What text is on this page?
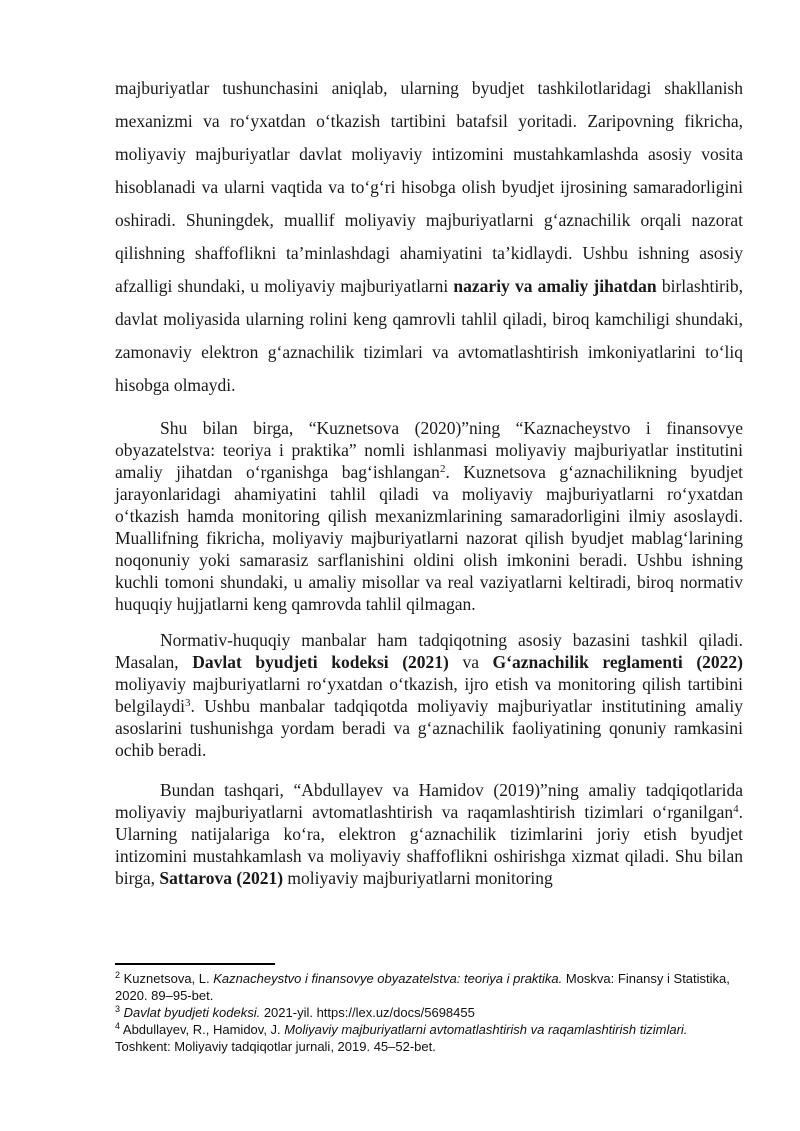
majburiyatlar tushunchasini aniqlab, ularning byudjet tashkilotlaridagi shakllanish mexanizmi va roʻyxatdan oʻtkazish tartibini batafsil yoritadi. Zaripovning fikricha, moliyaviy majburiyatlar davlat moliyaviy intizomini mustahkamlashda asosiy vosita hisoblanadi va ularni vaqtida va toʻgʻri hisobga olish byudjet ijrosining samaradorligini oshiradi. Shuningdek, muallif moliyaviy majburiyatlarni gʻaznachilik orqali nazorat qilishning shaffoflikni ta’minlashdagi ahamiyatini ta’kidlaydi. Ushbu ishning asosiy afzalligi shundaki, u moliyaviy majburiyatlarni nazariy va amaliy jihatdan birlashtirib, davlat moliyasida ularning rolini keng qamrovli tahlil qiladi, biroq kamchiligi shundaki, zamonaviy elektron gʻaznachilik tizimlari va avtomatlashtirish imkoniyatlarini toʻliq hisobga olmaydi.

Shu bilan birga, “Kuznetsova (2020)”ning “Kaznacheystvo i finansovye obyazatelstva: teoriya i praktika” nomli ishlanmasi moliyaviy majburiyatlar institutini amaliy jihatdan oʻrganishga bagʻishlangan$^2$. Kuznetsova gʻaznachilikning byudjet jarayonlaridagi ahamiyatini tahlil qiladi va moliyaviy majburiyatlarni roʻyxatdan oʻtkazish hamda monitoring qilish mexanizmlarining samaradorligini ilmiy asoslaydi. Muallifning fikricha, moliyaviy majburiyatlarni nazorat qilish byudjet mablagʻlarining noqonuniy yoki samarasiz sarflanishini oldini olish imkonini beradi. Ushbu ishning kuchli tomoni shundaki, u amaliy misollar va real vaziyatlarni keltiradi, biroq normativ huquqiy hujjatlarni keng qamrovda tahlil qilmagan.

Normativ-huquqiy manbalar ham tadqiqotning asosiy bazasini tashkil qiladi. Masalan, Davlat byudjeti kodeksi (2021) va Gʻaznachilik reglamenti (2022) moliyaviy majburiyatlarni roʻyxatdan oʻtkazish, ijro etish va monitoring qilish tartibini belgilaydi$^3$. Ushbu manbalar tadqiqotda moliyaviy majburiyatlar institutining amaliy asoslarini tushunishga yordam beradi va gʻaznachilik faoliyatining qonuniy ramkasini ochib beradi.

Bundan tashqari, “Abdullayev va Hamidov (2019)”ning amaliy tadqiqotlarida moliyaviy majburiyatlarni avtomatlashtirish va raqamlashtirish tizimlari oʻrganilgan$^4$. Ularning natijalariga koʻra, elektron gʻaznachilik tizimlarini joriy etish byudjet intizomini mustahkamlash va moliyaviy shaffoflikni oshirishga xizmat qiladi. Shu bilan birga, Sattarova (2021) moliyaviy majburiyatlarni monitoring

$^2$ Kuznetsova, L. Kaznacheystvo i finansovye obyazatelstva: teoriya i praktika. Moskva: Finansy i Statistika, 2020. 89–95-bet.

$^3$ Davlat byudjeti kodeksi. 2021-yil. https://lex.uz/docs/5698455

$^4$ Abdullayev, R., Hamidov, J. Moliyaviy majburiyatlarni avtomatlashtirish va raqamlashtirish tizimlari. Toshkent: Moliyaviy tadqiqotlar jurnali, 2019. 45–52-bet.
